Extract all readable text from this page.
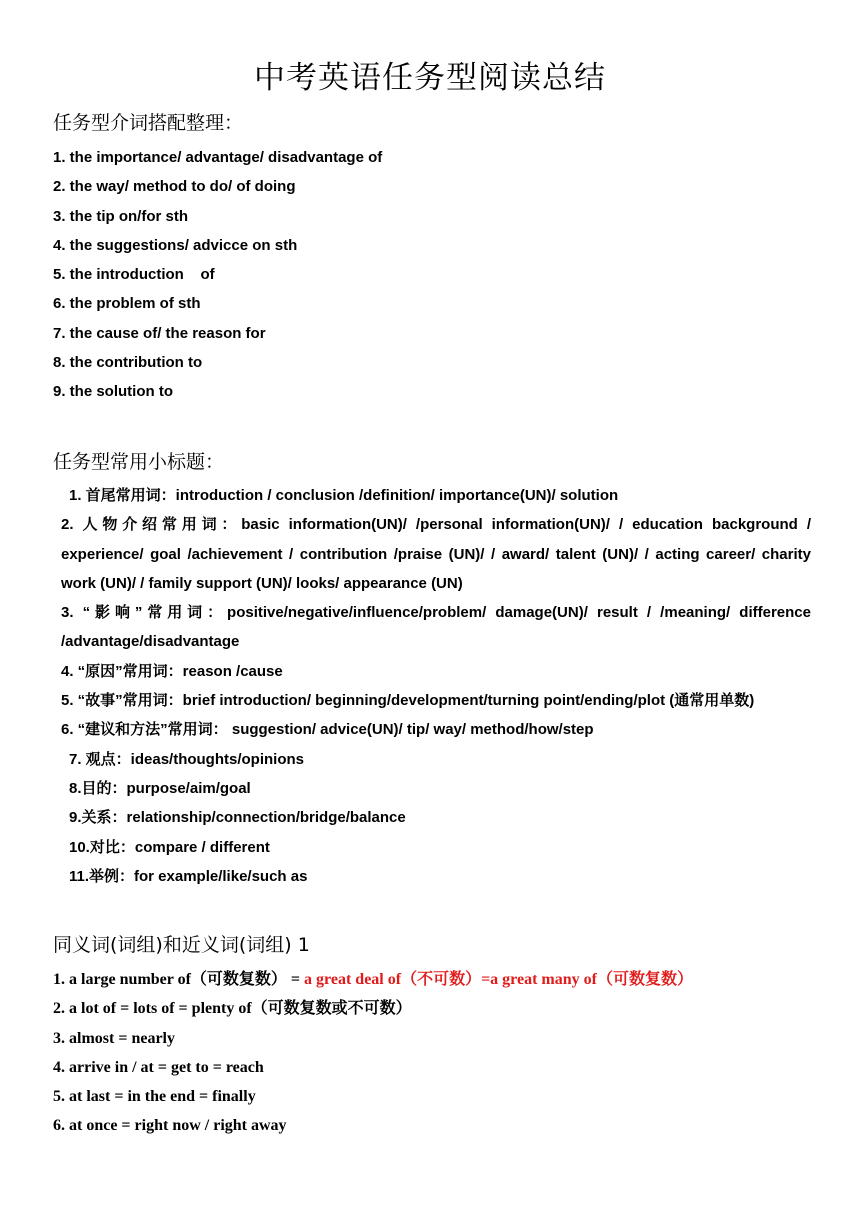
中考英语任务型阅读总结
任务型介词搭配整理：
1. the importance/ advantage/ disadvantage of
2. the way/ method to do/ of doing
3. the tip on/for sth
4. the suggestions/ advicce on sth
5. the introduction    of
6. the problem of sth
7. the cause of/ the reason for
8. the contribution to
9. the solution to
任务型常用小标题：
1. 首尾常用词：introduction / conclusion /definition/ importance(UN)/ solution
2. 人物介绍常用词：basic information(UN)/ /personal information(UN)/ / education background / experience/ goal /achievement / contribution /praise (UN)/ / award/ talent (UN)/ / acting career/ charity work (UN)/ / family support (UN)/ looks/ appearance (UN)
3. “影响”常用词：positive/negative/influence/problem/ damage(UN)/ result / /meaning/ difference /advantage/disadvantage
4. “原因”常用词：reason /cause
5. “故事”常用词：brief introduction/ beginning/development/turning point/ending/plot (通常用单数)
6. “建议和方法”常用词： suggestion/ advice(UN)/ tip/ way/ method/how/step
7. 观点：ideas/thoughts/opinions
8.目的：purpose/aim/goal
9.关系：relationship/connection/bridge/balance
10.对比：compare / different
11.举例：for example/like/such as
同义词(词组)和近义词(词组) 1
1. a large number of（可数复数） = a great deal of（不可数）=a great many of（可数复数）
2. a lot of = lots of = plenty of（可数复数或不可数）
3. almost = nearly
4. arrive in / at = get to = reach
5. at last = in the end = finally
6. at once = right now / right away
